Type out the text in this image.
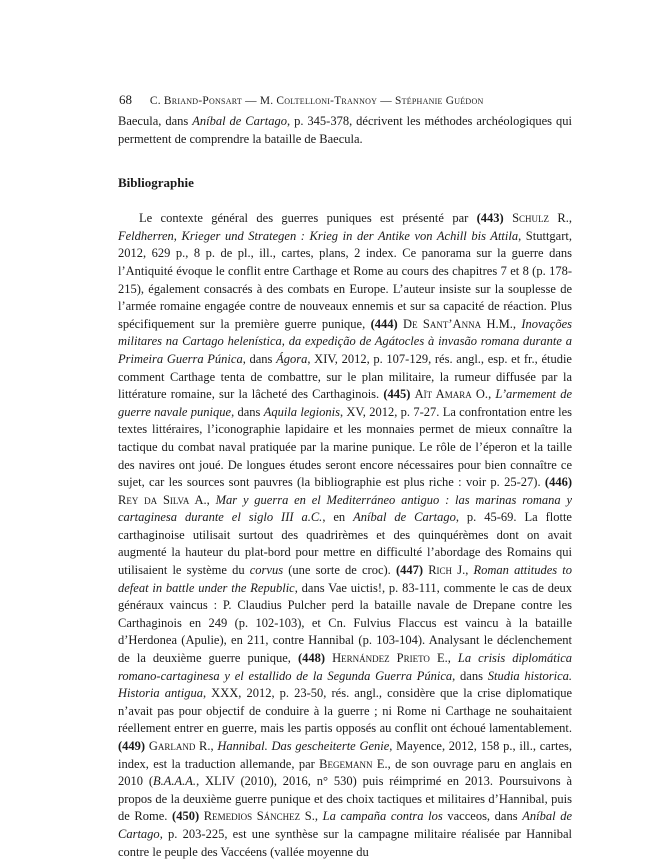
68 C. Briand-Ponsart — M. Coltelloni-Trannoy — Stéphanie Guédon

Baecula, dans Aníbal de Cartago, p. 345-378, décrivent les méthodes archéologiques qui permettent de comprendre la bataille de Baecula.

Bibliographie

Le contexte général des guerres puniques est présenté par (443) Schulz R., Feldherren, Krieger und Strategen : Krieg in der Antike von Achill bis Attila, Stuttgart, 2012, 629 p., 8 p. de pl., ill., cartes, plans, 2 index. Ce panorama sur la guerre dans l’Antiquité évoque le conflit entre Carthage et Rome au cours des chapitres 7 et 8 (p. 178-215), également consacrés à des combats en Europe. L’auteur insiste sur la souplesse de l’armée romaine engagée contre de nouveaux ennemis et sur sa capacité de réaction. Plus spécifiquement sur la première guerre punique, (444) De Sant’Anna H.M., Inovações militares na Cartago helenística, da expedição de Agátocles à invasão romana durante a Primeira Guerra Púnica, dans Ágora, XIV, 2012, p. 107-129, rés. angl., esp. et fr., étudie comment Carthage tenta de combattre, sur le plan militaire, la rumeur diffusée par la littérature romaine, sur la lâcheté des Carthaginois. (445) Aït Amara O., L’armement de guerre navale punique, dans Aquila legionis, XV, 2012, p. 7-27. La confrontation entre les textes littéraires, l’iconographie lapidaire et les monnaies permet de mieux connaître la tactique du combat naval pratiquée par la marine punique. Le rôle de l’éperon et la taille des navires ont joué. De longues études seront encore nécessaires pour bien connaître ce sujet, car les sources sont pauvres (la bibliographie est plus riche : voir p. 25-27). (446) Rey da Silva A., Mar y guerra en el Mediterráneo antiguo : las marinas romana y cartaginesa durante el siglo III a.C., en Aníbal de Cartago, p. 45-69. La flotte carthaginoise utilisait surtout des quadrirèmes et des quinquérèmes dont on avait augmenté la hauteur du plat-bord pour mettre en difficulté l’abordage des Romains qui utilisaient le système du corvus (une sorte de croc). (447) Rich J., Roman attitudes to defeat in battle under the Republic, dans Vae uictis!, p. 83-111, commente le cas de deux généraux vaincus : P. Claudius Pulcher perd la bataille navale de Drepane contre les Carthaginois en 249 (p. 102-103), et Cn. Fulvius Flaccus est vaincu à la bataille d’Herdonea (Apulie), en 211, contre Hannibal (p. 103-104). Analysant le déclenchement de la deuxième guerre punique, (448) Hernández Prieto E., La crisis diplomática romano-cartaginesa y el estallido de la Segunda Guerra Púnica, dans Studia historica. Historia antigua, XXX, 2012, p. 23-50, rés. angl., considère que la crise diplomatique n’avait pas pour objectif de conduire à la guerre ; ni Rome ni Carthage ne souhaitaient réellement entrer en guerre, mais les partis opposés au conflit ont échoué lamentablement. (449) Garland R., Hannibal. Das gescheiterte Genie, Mayence, 2012, 158 p., ill., cartes, index, est la traduction allemande, par Begemann E., de son ouvrage paru en anglais en 2010 (B.A.A.A., XLIV (2010), 2016, n° 530) puis réimprimé en 2013. Poursuivons à propos de la deuxième guerre punique et des choix tactiques et militaires d’Hannibal, puis de Rome. (450) Remedios Sánchez S., La campaña contra los vacceos, dans Aníbal de Cartago, p. 203-225, est une synthèse sur la campagne militaire réalisée par Hannibal contre le peuple des Vaccéens (vallée moyenne du
